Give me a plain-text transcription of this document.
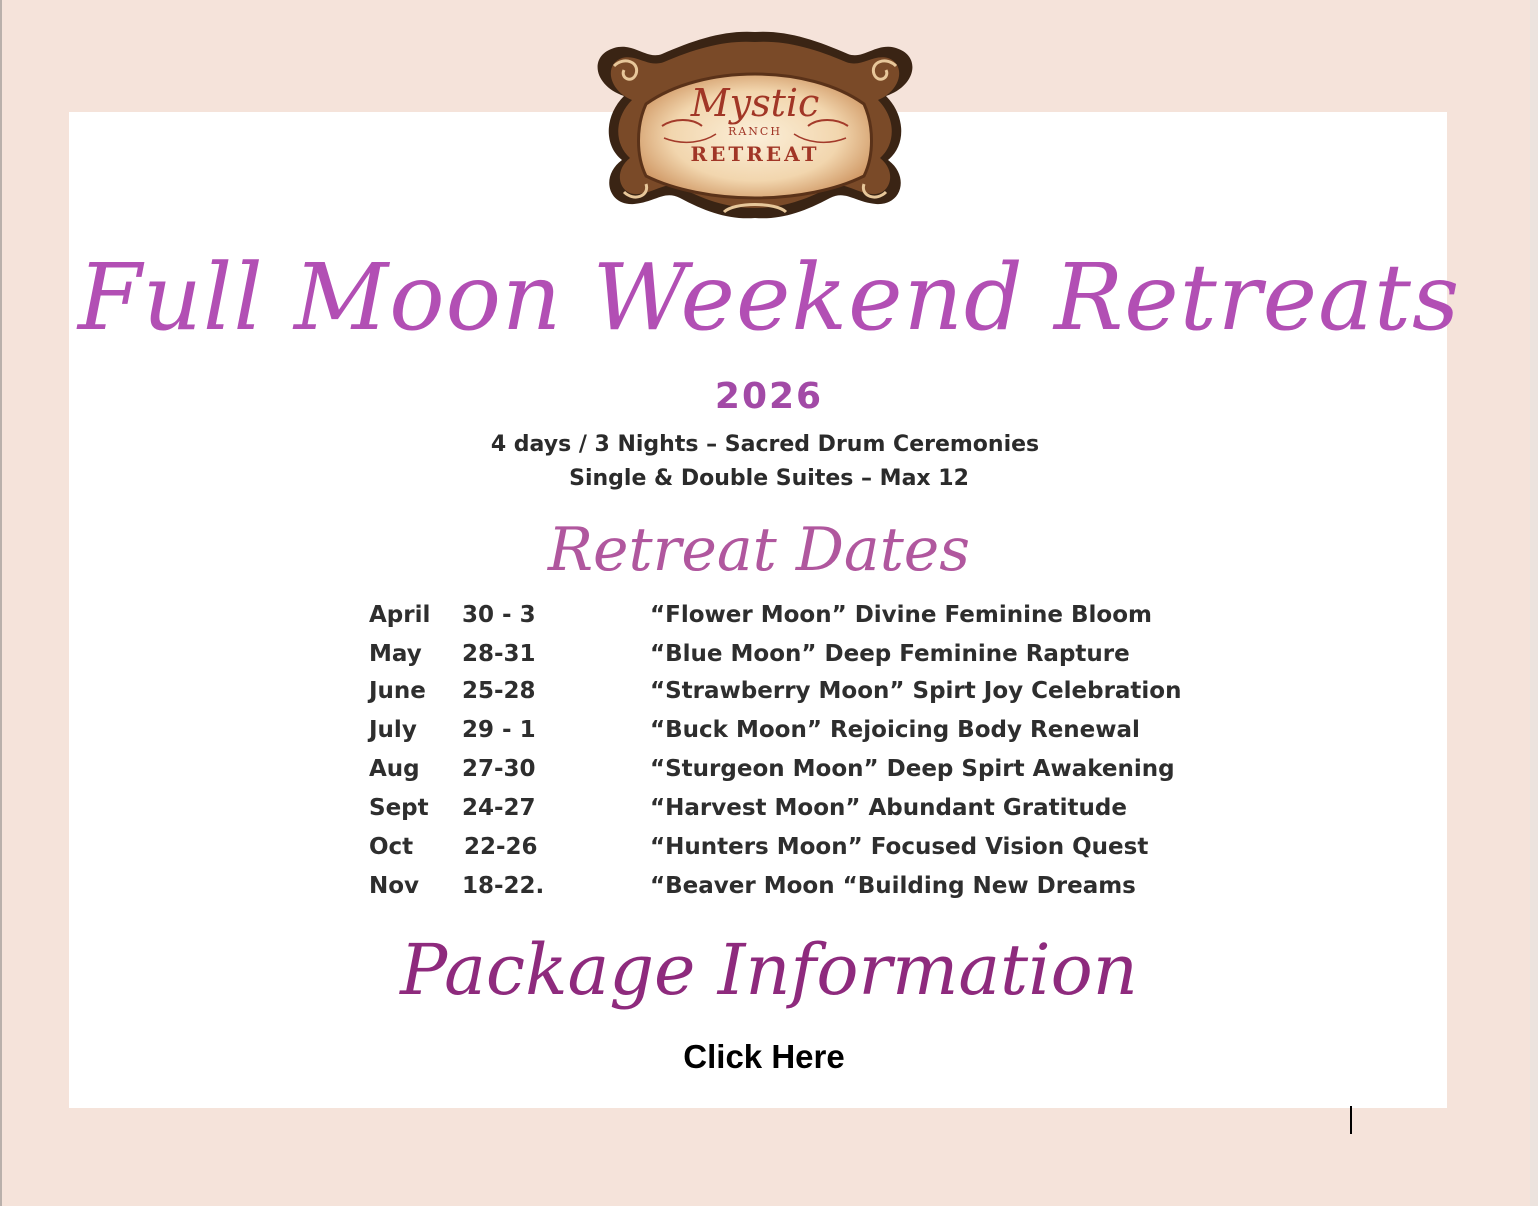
Mystic
RANCH
RETREAT
Full Moon Weekend Retreats
2026
4 days / 3 Nights – Sacred Drum Ceremonies
Single & Double Suites – Max 12
Retreat Dates
April 30 - 3	“Flower Moon” Divine Feminine Bloom
May 28-31	“Blue Moon” Deep Feminine Rapture
June 25-28	“Strawberry Moon” Spirt Joy Celebration
July 29 - 1	“Buck Moon” Rejoicing Body Renewal
Aug 27-30	“Sturgeon Moon” Deep Spirt Awakening
Sept 24-27	“Harvest Moon” Abundant Gratitude
Oct 22-26	“Hunters Moon” Focused Vision Quest
Nov 18-22.	“Beaver Moon “Building New Dreams
Package Information
Click Here
